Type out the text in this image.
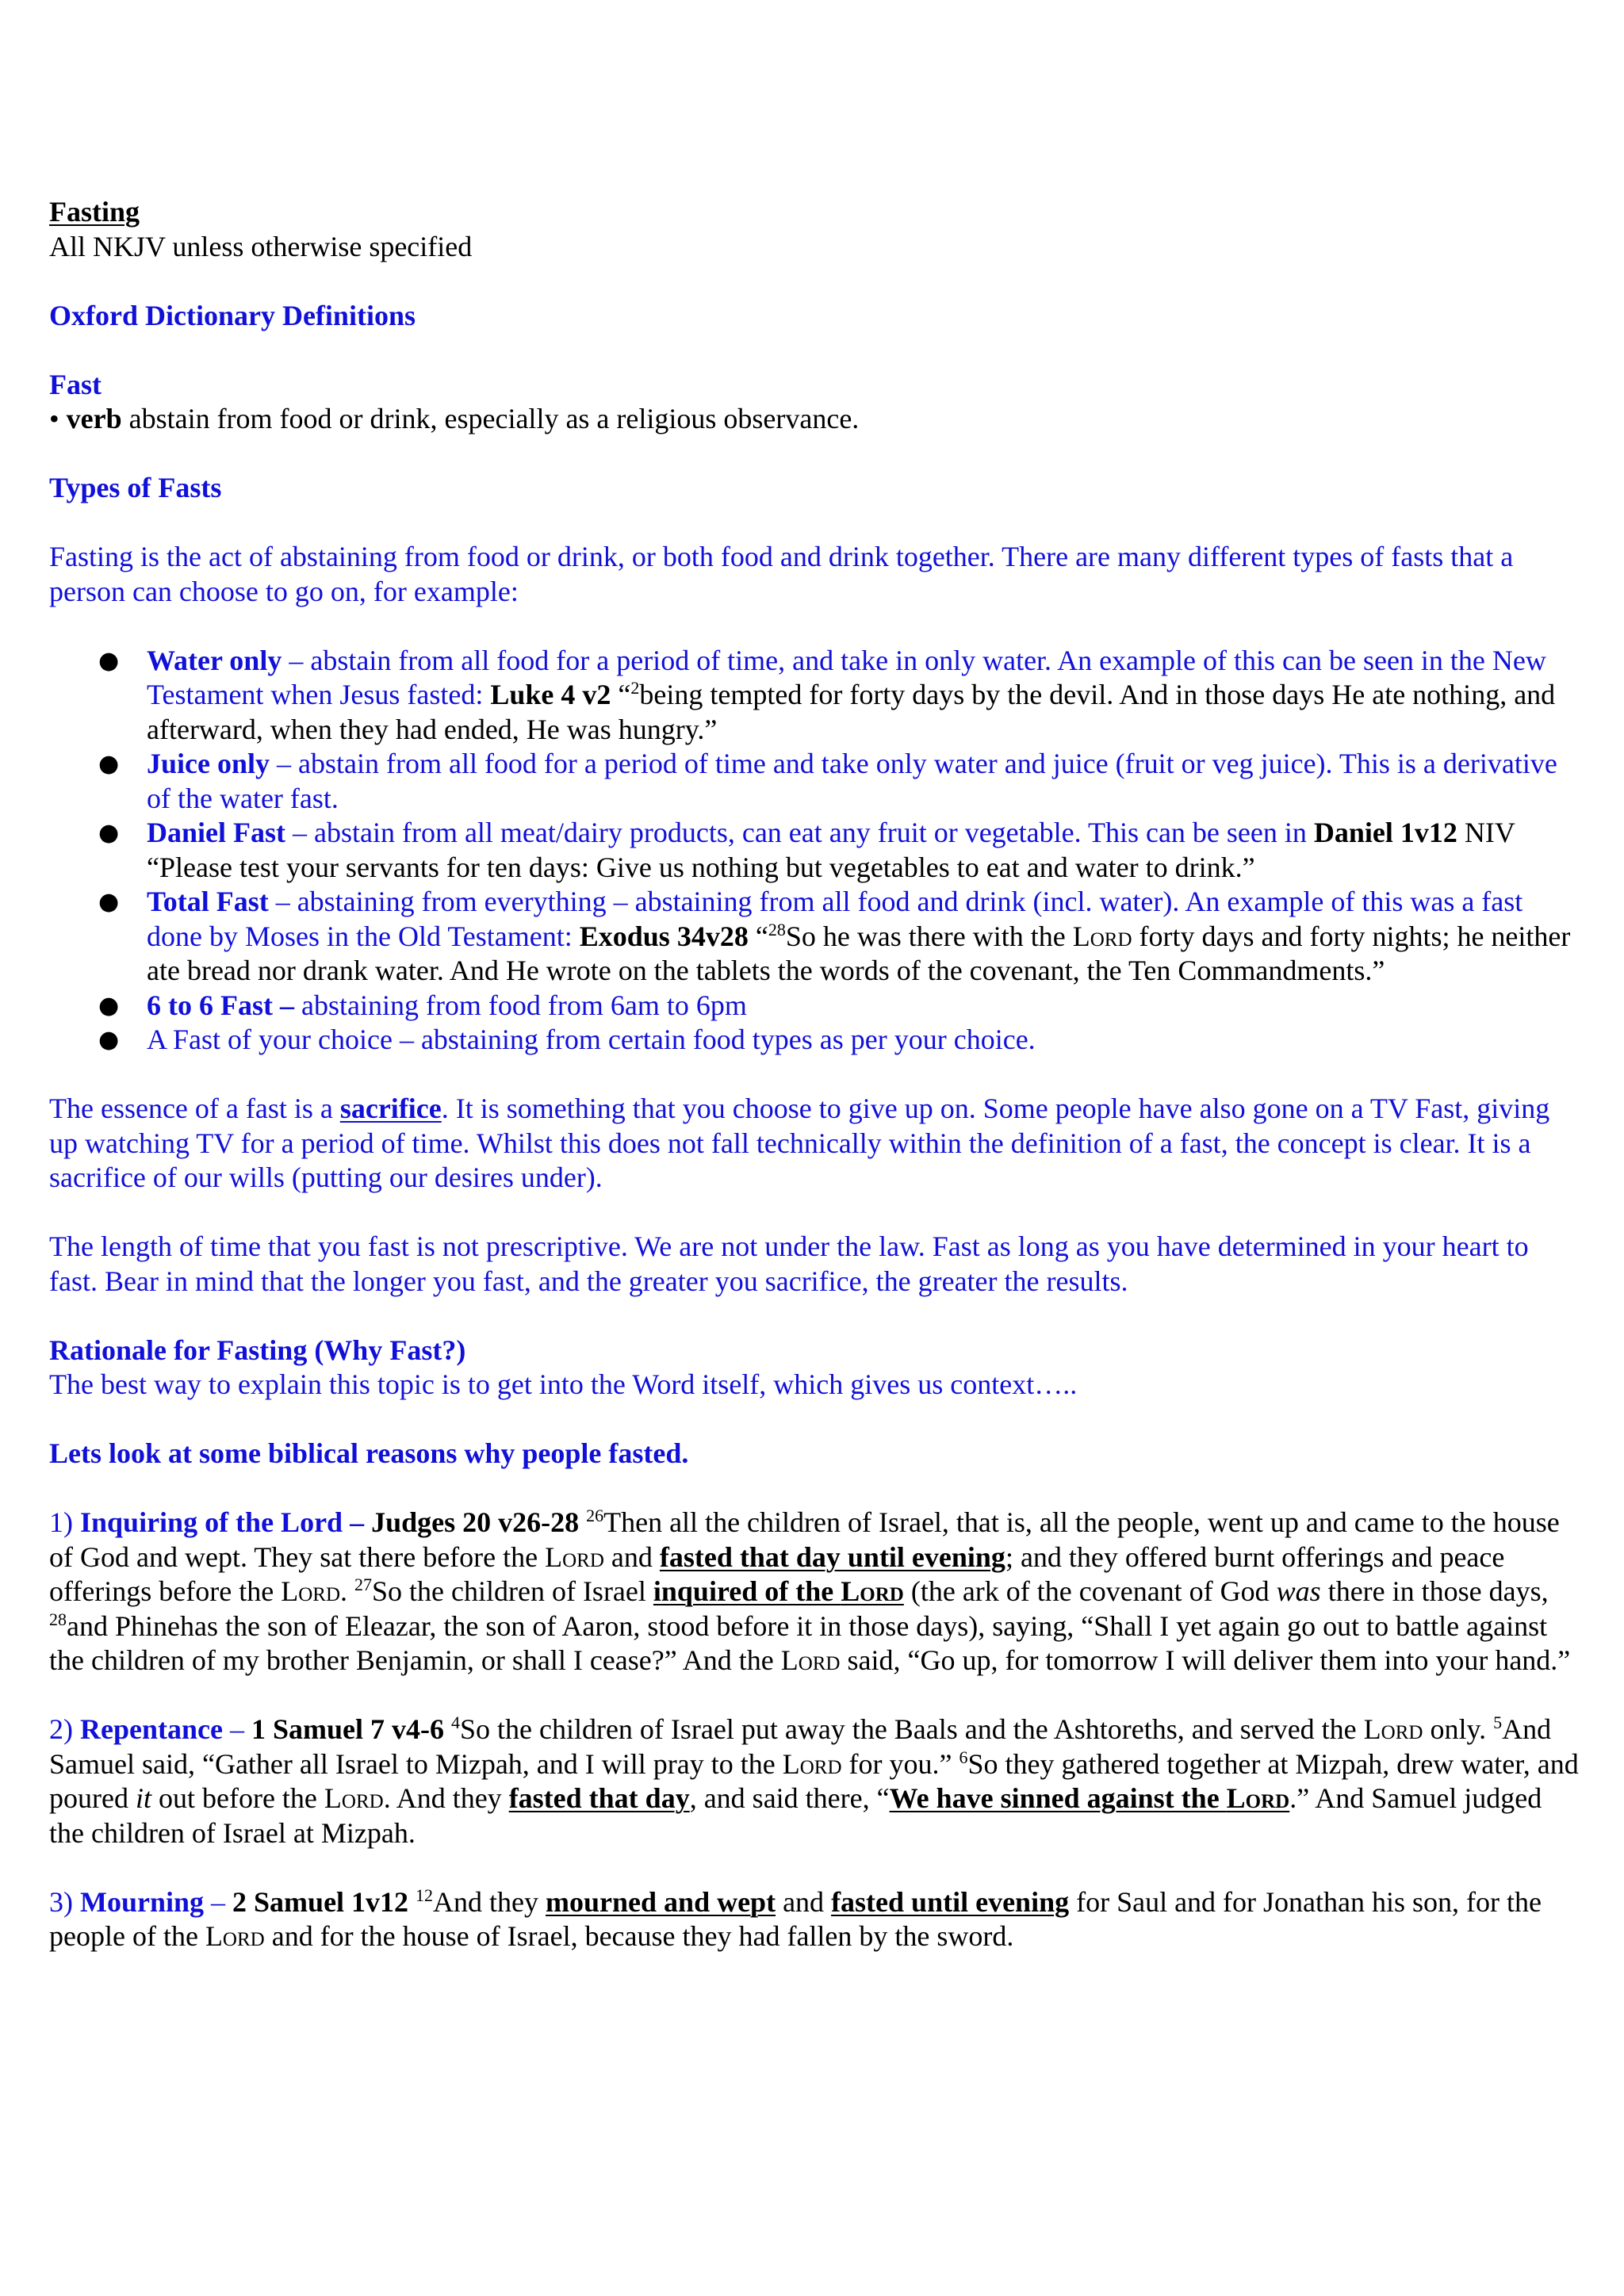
Fasting

All NKJV unless otherwise specified

Oxford Dictionary Definitions

Fast

• verb abstain from food or drink, especially as a religious observance.

Types of Fasts

Fasting is the act of abstaining from food or drink, or both food and drink together. There are many different types of fasts that a person can choose to go on, for example:

● Water only – abstain from all food for a period of time, and take in only water. An example of this can be seen in the New Testament when Jesus fasted: Luke 4 v2 “$^2$being tempted for forty days by the devil. And in those days He ate nothing, and afterward, when they had ended, He was hungry.”
● Juice only – abstain from all food for a period of time and take only water and juice (fruit or veg juice). This is a derivative of the water fast.
● Daniel Fast – abstain from all meat/dairy products, can eat any fruit or vegetable. This can be seen in Daniel 1v12 NIV “Please test your servants for ten days: Give us nothing but vegetables to eat and water to drink.”
● Total Fast – abstaining from everything – abstaining from all food and drink (incl. water). An example of this was a fast done by Moses in the Old Testament: Exodus 34v28 “$^{28}$So he was there with the Lord forty days and forty nights; he neither ate bread nor drank water. And He wrote on the tablets the words of the covenant, the Ten Commandments.”
● 6 to 6 Fast – abstaining from food from 6am to 6pm
● A Fast of your choice – abstaining from certain food types as per your choice.

The essence of a fast is a sacrifice. It is something that you choose to give up on. Some people have also gone on a TV Fast, giving up watching TV for a period of time. Whilst this does not fall technically within the definition of a fast, the concept is clear. It is a sacrifice of our wills (putting our desires under).

The length of time that you fast is not prescriptive. We are not under the law. Fast as long as you have determined in your heart to fast. Bear in mind that the longer you fast, and the greater you sacrifice, the greater the results.

Rationale for Fasting (Why Fast?)

The best way to explain this topic is to get into the Word itself, which gives us context…..

Lets look at some biblical reasons why people fasted.

1) Inquiring of the Lord – Judges 20 v26-28 $^{26}$Then all the children of Israel, that is, all the people, went up and came to the house of God and wept. They sat there before the Lord and fasted that day until evening; and they offered burnt offerings and peace offerings before the Lord. $^{27}$So the children of Israel inquired of the Lord (the ark of the covenant of God was there in those days, $^{28}$and Phinehas the son of Eleazar, the son of Aaron, stood before it in those days), saying, “Shall I yet again go out to battle against the children of my brother Benjamin, or shall I cease?” And the Lord said, “Go up, for tomorrow I will deliver them into your hand.”

2) Repentance – 1 Samuel 7 v4-6 $^4$So the children of Israel put away the Baals and the Ashtoreths, and served the Lord only. $^5$And Samuel said, “Gather all Israel to Mizpah, and I will pray to the Lord for you.” $^6$So they gathered together at Mizpah, drew water, and poured it out before the Lord. And they fasted that day, and said there, “We have sinned against the Lord.” And Samuel judged the children of Israel at Mizpah.

3) Mourning – 2 Samuel 1v12 $^{12}$And they mourned and wept and fasted until evening for Saul and for Jonathan his son, for the people of the Lord and for the house of Israel, because they had fallen by the sword.
